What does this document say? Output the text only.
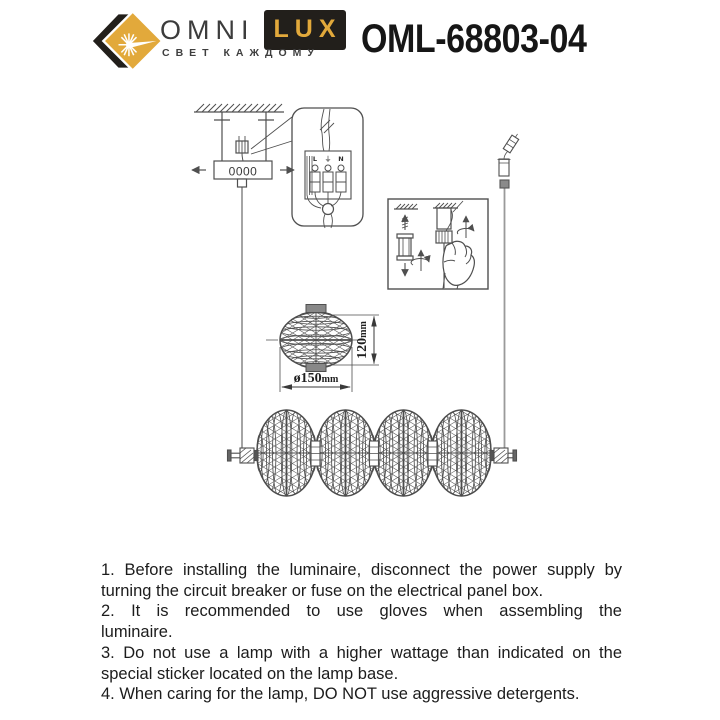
OMNI LUX
СВЕТ КАЖДОМУ OML-68803-04
0000
L ⏚ N
120mm
ø150mm
1. Before installing the luminaire, disconnect the power supply by
turning the circuit breaker or fuse on the electrical panel box.
2. It is recommended to use gloves when assembling the
luminaire.
3. Do not use a lamp with a higher wattage than indicated on the
special sticker located on the lamp base.
4. When caring for the lamp, DO NOT use aggressive detergents.
